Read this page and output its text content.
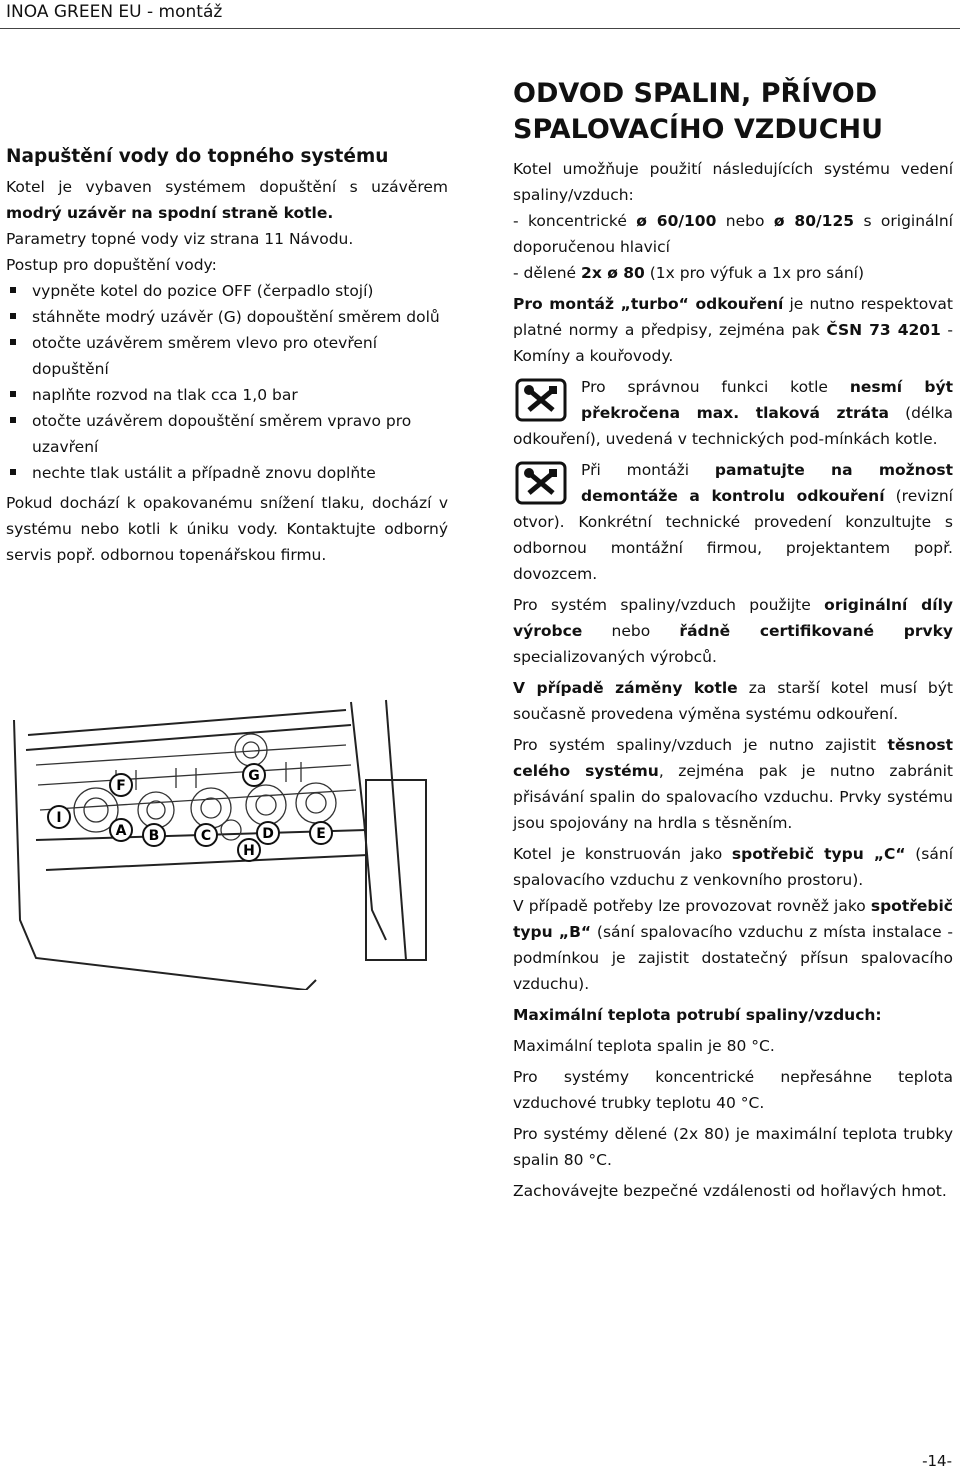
INOA GREEN EU - montáž
Napuštění vody do topného systému

Kotel je vybaven systémem dopuštění s uzávěrem modrý uzávěr na spodní straně kotle.

Parametry topné vody viz strana 11 Návodu.

Postup pro dopuštění vody:

vypněte kotel do pozice OFF (čerpadlo stojí)
stáhněte modrý uzávěr (G) dopouštění směrem dolů
otočte uzávěrem směrem vlevo pro otevření dopuštění
naplňte rozvod na tlak cca 1,0 bar
otočte uzávěrem dopouštění směrem vpravo pro uzavření
nechte tlak ustálit a případně znovu doplňte

Pokud dochází k opakovanému snížení tlaku, dochází v systému nebo kotli k úniku vody. Kontaktujte odborný servis popř. odbornou topenářskou firmu.

F
G
I
A B	C	D	E
H
ODVOD SPALIN, PŘÍVOD SPALOVACÍHO VZDUCHU

Kotel umožňuje použití následujících systému vedení spaliny/vzduch:

- koncentrické ø 60/100 nebo ø 80/125 s originální doporučenou hlavicí

- dělené 2x ø 80 (1x pro výfuk a 1x pro sání)

Pro montáž „turbo“ odkouření je nutno respektovat platné normy a předpisy, zejména pak ČSN 73 4201 - Komíny a kouřovody.

Pro správnou funkci kotle nesmí být překročena max. tlaková ztráta (délka odkouření), uvedená v technických pod-mínkách kotle.

Při montáži pamatujte na možnost demontáže a kontrolu odkouření (revizní otvor). Konkrétní technické provedení konzultujte s odbornou montážní firmou, projektantem popř. dovozcem.

Pro systém spaliny/vzduch použijte originální díly výrobce nebo řádně certifikované prvky specializovaných výrobců.

V případě záměny kotle za starší kotel musí být současně provedena výměna systému odkouření.

Pro systém spaliny/vzduch je nutno zajistit těsnost celého systému, zejména pak je nutno zabránit přisávání spalin do spalovacího vzduchu. Prvky systému jsou spojovány na hrdla s těsněním.

Kotel je konstruován jako spotřebič typu „C“ (sání spalovacího vzduchu z venkovního prostoru).

V případě potřeby lze provozovat rovněž jako spotřebič typu „B“ (sání spalovacího vzduchu z místa instalace - podmínkou je zajistit dostatečný přísun spalovacího vzduchu).

Maximální teplota potrubí spaliny/vzduch:

Maximální teplota spalin je 80 °C.

Pro systémy koncentrické nepřesáhne teplota vzduchové trubky teplotu 40 °C.

Pro systémy dělené (2x 80) je maximální teplota trubky spalin 80 °C.

Zachovávejte bezpečné vzdálenosti od hořlavých hmot.

-14-
